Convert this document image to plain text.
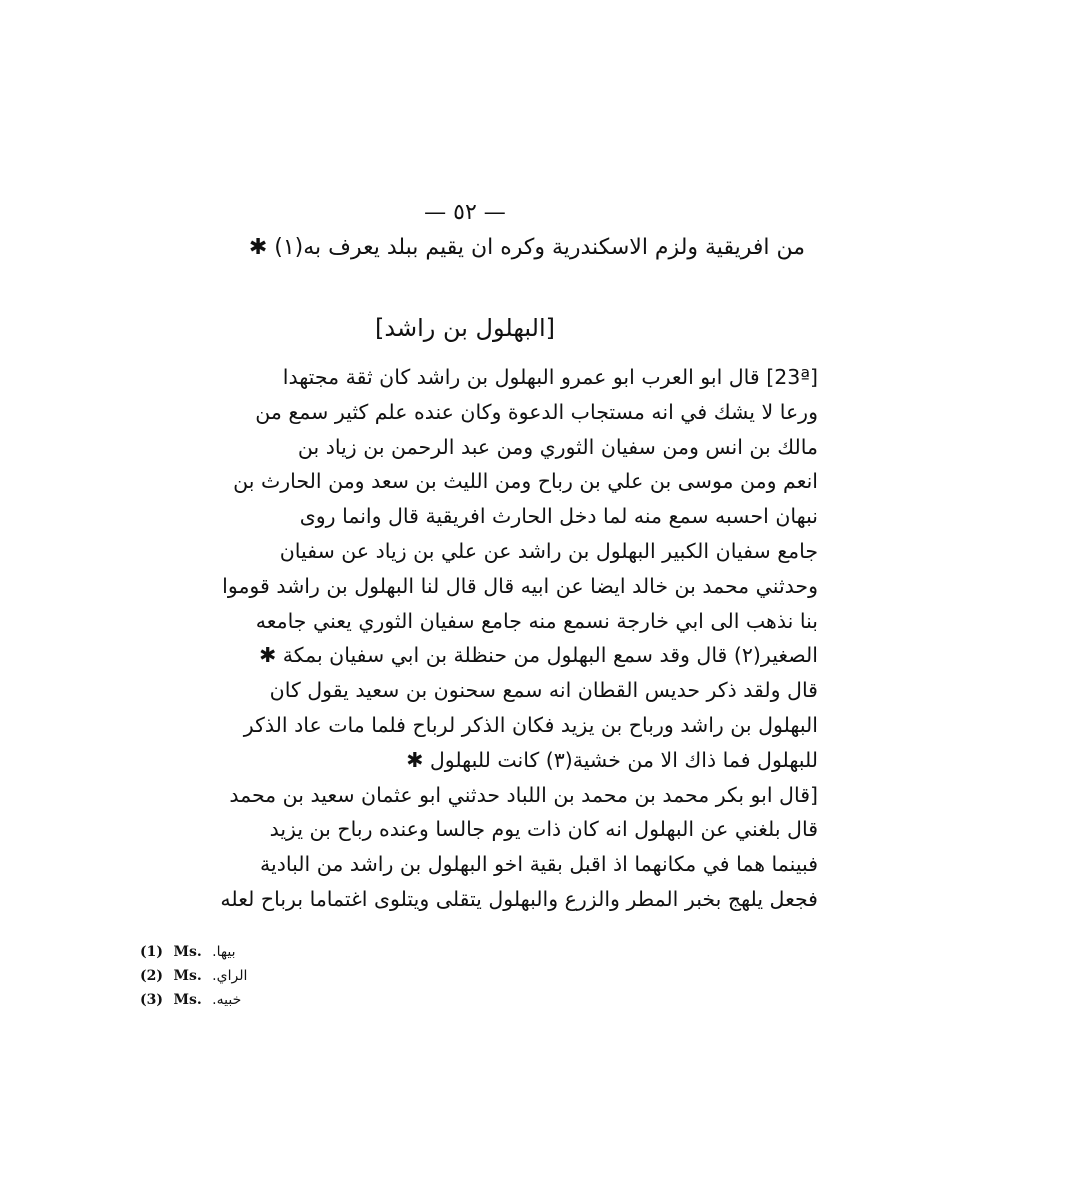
— ٥٢ —
من افريقية ولزم الاسكندرية وكره ان يقيم ببلد يعرف به(١) ✱
[البهلول بن راشد]
[23ª] قال ابو العرب ابو عمرو البهلول بن راشد كان ثقة مجتهدا
ورعا لا يشك في انه مستجاب الدعوة وكان عنده علم كثير سمع من
مالك بن انس ومن سفيان الثوري ومن عبد الرحمن بن زياد بن
انعم ومن موسى بن علي بن رباح ومن الليث بن سعد ومن الحارث بن
نبهان احسبه سمع منه لما دخل الحارث افريقية قال وانما روى
جامع سفيان الكبير البهلول بن راشد عن علي بن زياد عن سفيان
وحدثني محمد بن خالد ايضا عن ابيه قال قال لنا البهلول بن راشد قوموا
بنا نذهب الى ابي خارجة نسمع منه جامع سفيان الثوري يعني جامعه
الصغير(٢) قال وقد سمع البهلول من حنظلة بن ابي سفيان بمكة ✱
قال ولقد ذكر حديس القطان انه سمع سحنون بن سعيد يقول كان
البهلول بن راشد ورباح بن يزيد فكان الذكر لرباح فلما مات عاد الذكر
للبهلول فما ذاك الا من خشية(٣) كانت للبهلول ✱
[قال ابو بكر محمد بن محمد بن اللباد حدثني ابو عثمان سعيد بن محمد
قال بلغني عن البهلول انه كان ذات يوم جالسا وعنده رباح بن يزيد
فبينما هما في مكانهما اذ اقبل بقية اخو البهلول بن راشد من البادية
فجعل يلهج بخبر المطر والزرع والبهلول يتقلى ويتلوى اغتماما برباح لعله
(1) Ms. بيها.
(2) Ms. الراي.
(3) Ms. خبيه.
